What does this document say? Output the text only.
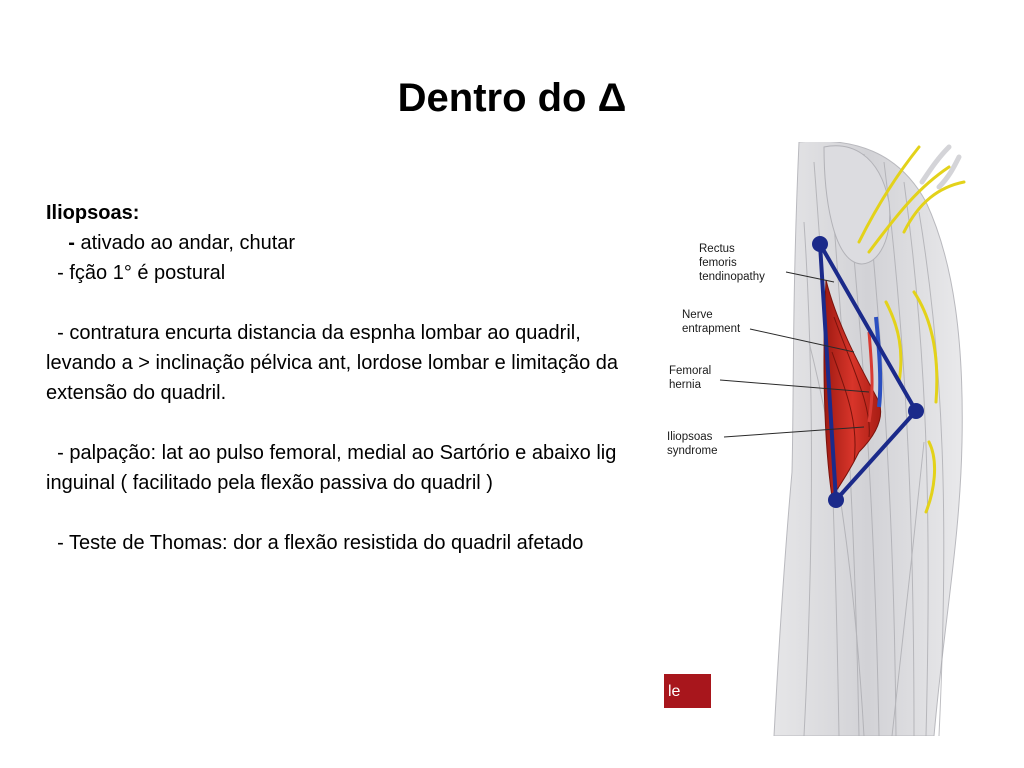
Dentro do Δ

Iliopsoas:

- ativado ao andar, chutar

- fção 1° é postural

- contratura encurta distancia da espnha lombar ao quadril, levando a > inclinação pélvica ant, lordose lombar e limitação da extensão do quadril.

- palpação: lat ao pulso femoral, medial ao Sartório e abaixo lig inguinal ( facilitado pela flexão passiva do quadril )

- Teste de Thomas: dor a flexão resistida do quadril afetado

Rectus femoris tendinopathy
Nerve entrapment
Femoral hernia
Iliopsoas syndrome
le
